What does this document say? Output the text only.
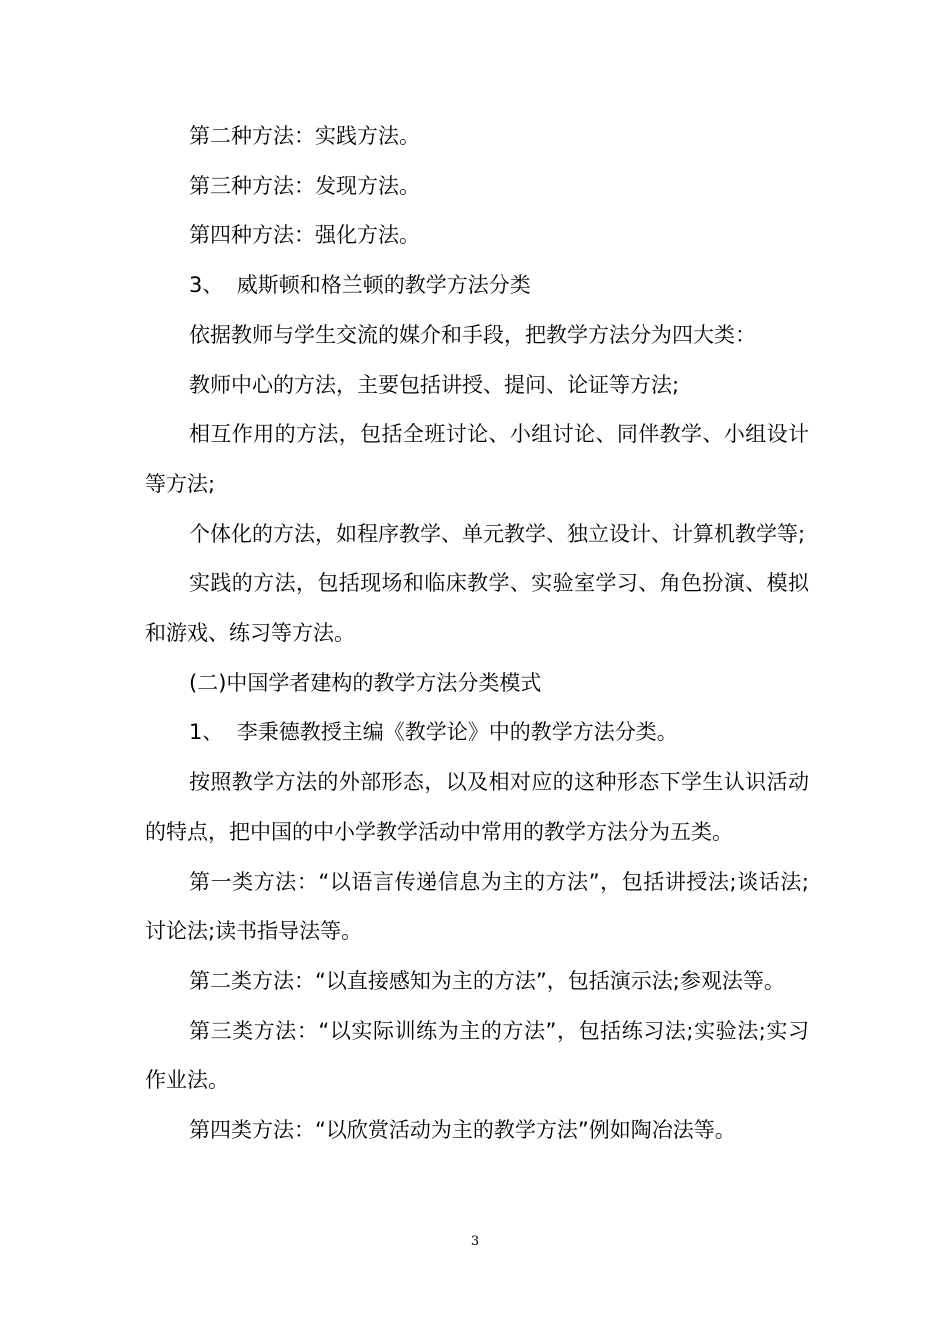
第二种方法：实践方法。

第三种方法：发现方法。

第四种方法：强化方法。

3、  威斯顿和格兰顿的教学方法分类

依据教师与学生交流的媒介和手段，把教学方法分为四大类：

教师中心的方法，主要包括讲授、提问、论证等方法;

相互作用的方法，包括全班讨论、小组讨论、同伴教学、小组设计等方法;

个体化的方法，如程序教学、单元教学、独立设计、计算机教学等;

实践的方法，包括现场和临床教学、实验室学习、角色扮演、模拟和游戏、练习等方法。

(二)中国学者建构的教学方法分类模式

1、  李秉德教授主编《教学论》中的教学方法分类。

按照教学方法的外部形态，以及相对应的这种形态下学生认识活动的特点，把中国的中小学教学活动中常用的教学方法分为五类。

第一类方法：“以语言传递信息为主的方法”，包括讲授法;谈话法;讨论法;读书指导法等。

第二类方法：“以直接感知为主的方法”，包括演示法;参观法等。

第三类方法：“以实际训练为主的方法”，包括练习法;实验法;实习作业法。

第四类方法：“以欣赏活动为主的教学方法”例如陶冶法等。

3
